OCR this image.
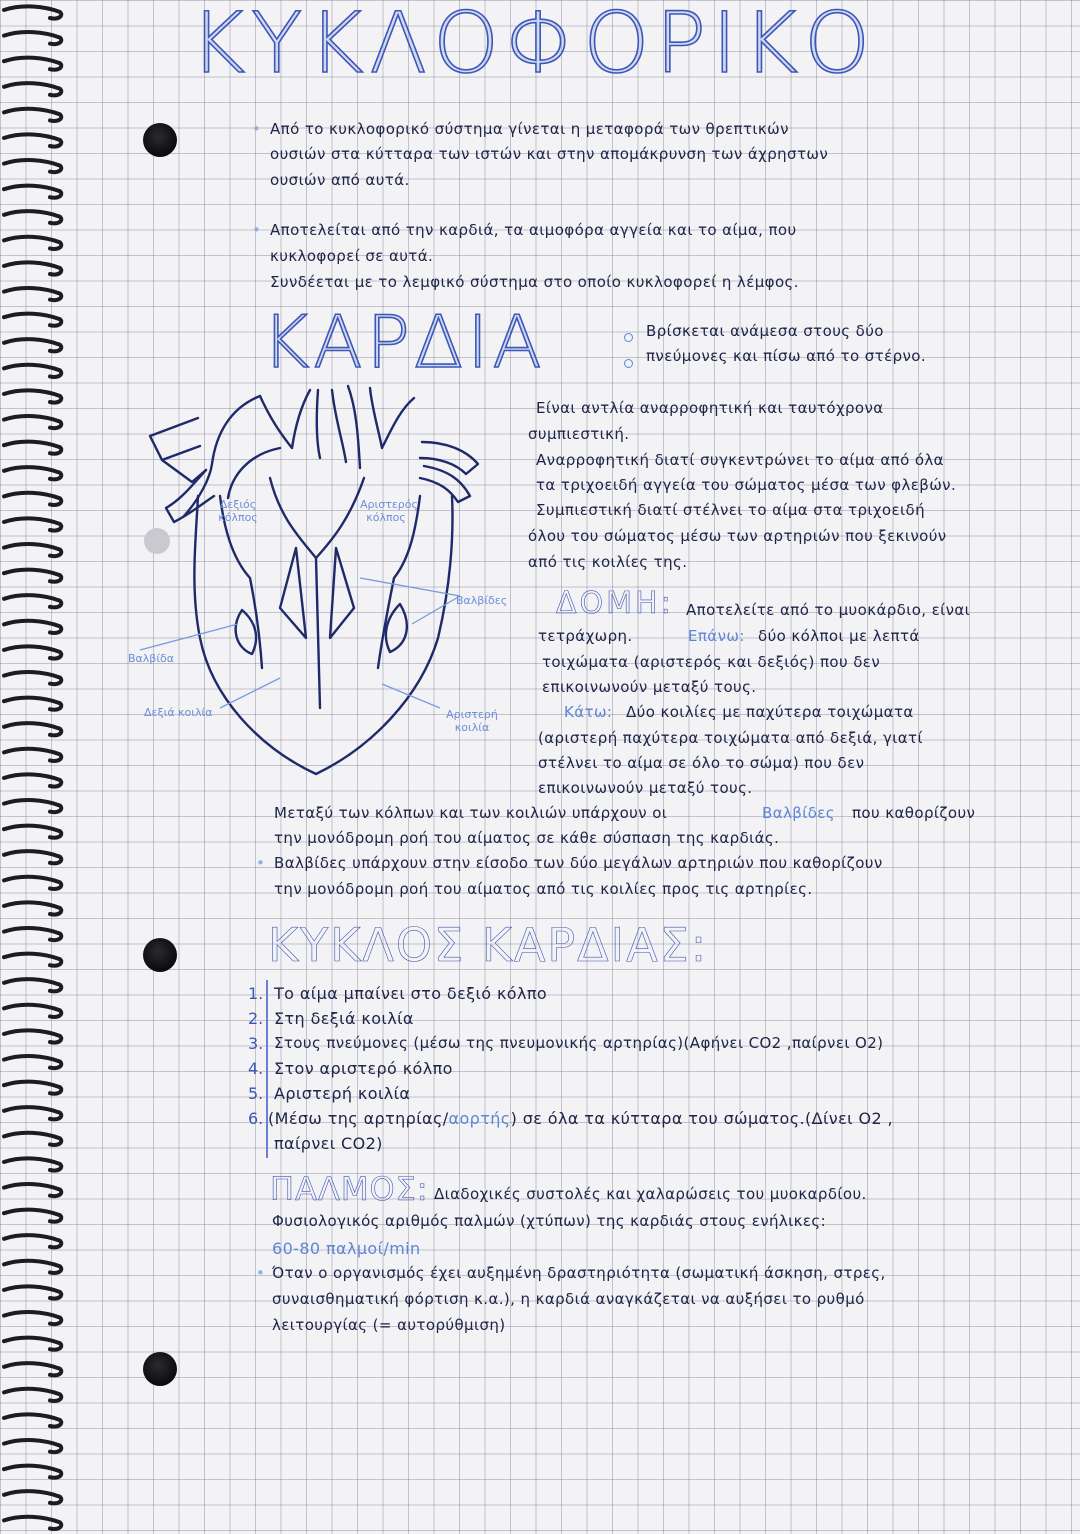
ΚΥΚΛΟΦΟΡΙΚΟ
• Από το κυκλοφορικό σύστημα γίνεται η μεταφορά των θρεπτικών
ουσιών στα κύτταρα των ιστών και στην απομάκρυνση των άχρηστων
ουσιών από αυτά.
• Αποτελείται από την καρδιά, τα αιμοφόρα αγγεία και το αίμα, που
κυκλοφορεί σε αυτά.
Συνδέεται με το λεμφικό σύστημα στο οποίο κυκλοφορεί η λέμφος.
ΚΑΡΔΙΑ	Βρίσκεται ανάμεσα στους δύο
πνεύμονες και πίσω από το στέρνο.
Είναι αντλία αναρροφητική και ταυτόχρονα
συμπιεστική.
Αναρροφητική διατί συγκεντρώνει το αίμα από όλα
τα τριχοειδή αγγεία του σώματος μέσα των φλεβών.
Συμπιεστική διατί στέλνει το αίμα στα τριχοειδή
όλου του σώματος μέσω των αρτηριών που ξεκινούν
από τις κοιλίες της.
Δεξιός κόλπος
Αριστερός κόλπος
Βαλβίδες
Βαλβίδα
Δεξιά κοιλία	Αριστερή κοιλία
ΔΟΜΗ: Αποτελείτε από το μυοκάρδιο, είναι
τετράχωρη.	Επάνω: δύο κόλποι με λεπτά
τοιχώματα (αριστερός και δεξιός) που δεν
επικοινωνούν μεταξύ τους.
Κάτω: Δύο κοιλίες με παχύτερα τοιχώματα
(αριστερή παχύτερα τοιχώματα από δεξιά, γιατί
στέλνει το αίμα σε όλο το σώμα) που δεν
επικοινωνούν μεταξύ τους.
Μεταξύ των κόλπων και των κοιλιών υπάρχουν οι	Βαλβίδες που καθορίζουν
την μονόδρομη ροή του αίματος σε κάθε σύσπαση της καρδιάς.
• Βαλβίδες υπάρχουν στην είσοδο των δύο μεγάλων αρτηριών που καθορίζουν
την μονόδρομη ροή του αίματος από τις κοιλίες προς τις αρτηρίες.
ΚΥΚΛΟΣ ΚΑΡΔΙΑΣ:
1. Το αίμα μπαίνει στο δεξιό κόλπο
2. Στη δεξιά κοιλία
3. Στους πνεύμονες (μέσω της πνευμονικής αρτηρίας)(Αφήνει CO2 ,παίρνει O2)
4. Στον αριστερό κόλπο
5. Αριστερή κοιλία
6. (Μέσω της αρτηρίας/αορτής) σε όλα τα κύτταρα του σώματος.(Δίνει O2 ,
παίρνει CO2)
ΠΑΛΜΟΣ: Διαδοχικές συστολές και χαλαρώσεις του μυοκαρδίου.
Φυσιολογικός αριθμός παλμών (χτύπων) της καρδιάς στους ενήλικες:
60-80 παλμοί/min
• Όταν ο οργανισμός έχει αυξημένη δραστηριότητα (σωματική άσκηση, στρες,
συναισθηματική φόρτιση κ.α.), η καρδιά αναγκάζεται να αυξήσει το ρυθμό
λειτουργίας (= αυτορύθμιση)
